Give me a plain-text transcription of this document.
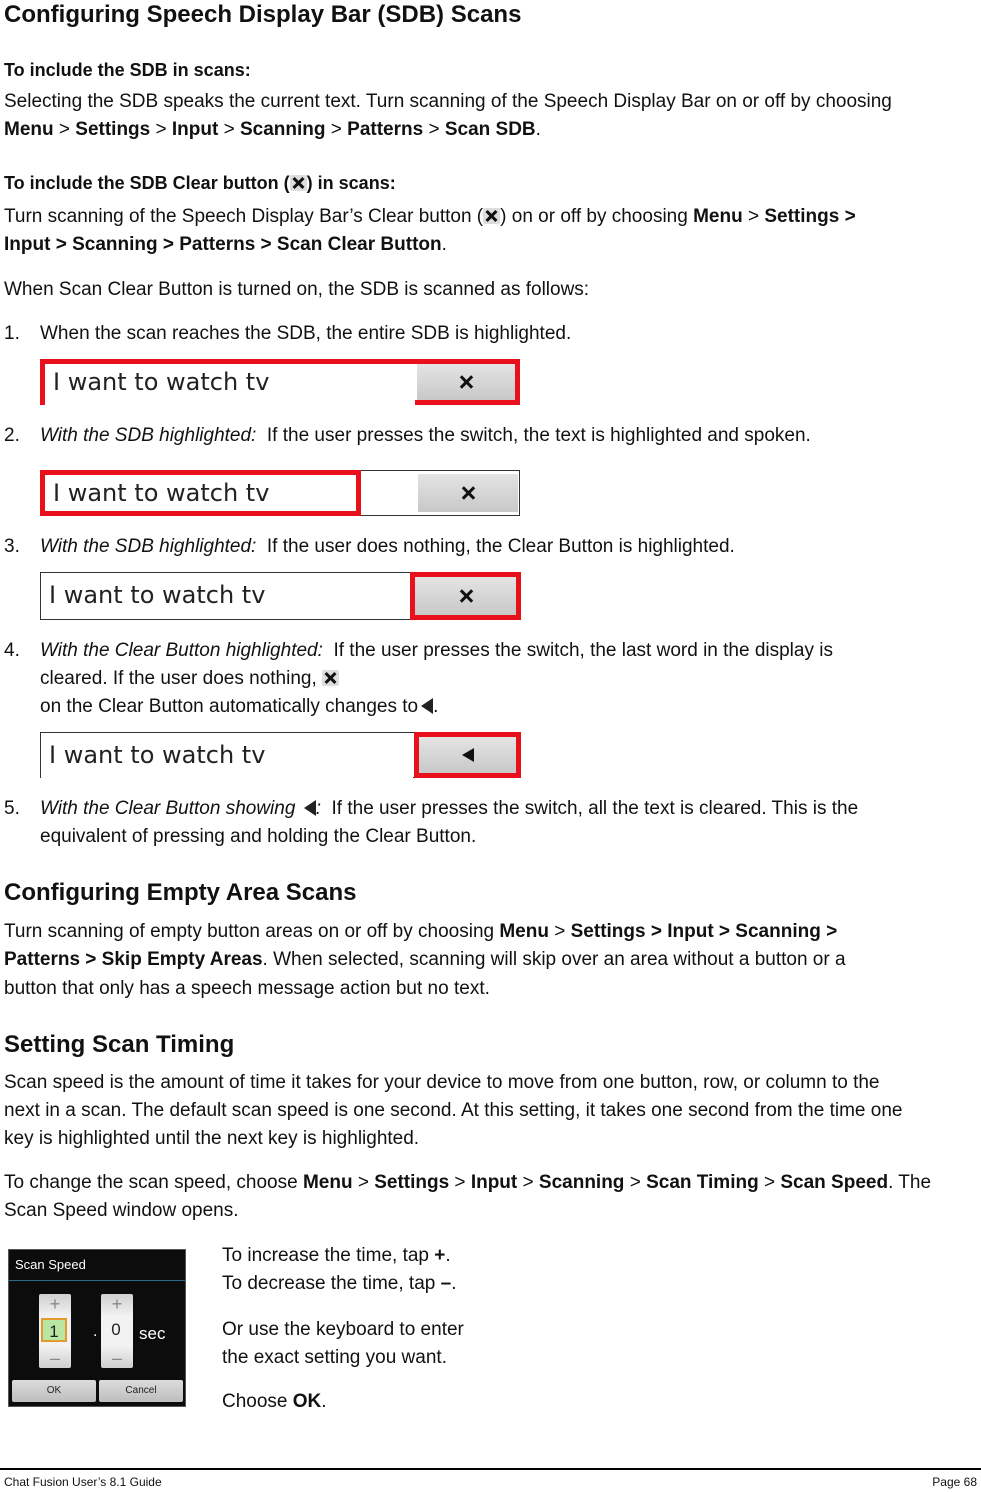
Configuring Speech Display Bar (SDB) Scans
To include the SDB in scans:

Selecting the SDB speaks the current text. Turn scanning of the Speech Display Bar on or off by choosing

Menu > Settings > Input > Scanning > Patterns > Scan SDB.

To include the SDB Clear button ( ) in scans:

Turn scanning of the Speech Display Bar’s Clear button ( ) on or off by choosing Menu > Settings >

Input > Scanning > Patterns > Scan Clear Button.

When Scan Clear Button is turned on, the SDB is scanned as follows:

1. When the scan reaches the SDB, the entire SDB is highlighted.

I want to watch tv

2. With the SDB highlighted: If the user presses the switch, the text is highlighted and spoken.

I want to watch tv

3. With the SDB highlighted: If the user does nothing, the Clear Button is highlighted.

I want to watch tv

4. With the Clear Button highlighted: If the user presses the switch, the last word in the display is

cleared. If the user does nothing,

on the Clear Button automatically changes to .

I want to watch tv

5. With the Clear Button showing : If the user presses the switch, all the text is cleared. This is the

equivalent of pressing and holding the Clear Button.

Configuring Empty Area Scans

Turn scanning of empty button areas on or off by choosing Menu > Settings > Input > Scanning >

Patterns > Skip Empty Areas. When selected, scanning will skip over an area without a button or a

button that only has a speech message action but no text.

Setting Scan Timing

Scan speed is the amount of time it takes for your device to move from one button, row, or column to the

next in a scan. The default scan speed is one second. At this setting, it takes one second from the time one

key is highlighted until the next key is highlighted.

To change the scan speed, choose Menu > Settings > Input > Scanning > Scan Timing > Scan Speed. The

Scan Speed window opens.

Scan Speed
+
1
–
.
+
0
–
sec
OK	Cancel

To increase the time, tap +.

To decrease the time, tap –.

Or use the keyboard to enter

the exact setting you want.

Choose OK.

Chat Fusion User’s 8.1 Guide	Page 68
